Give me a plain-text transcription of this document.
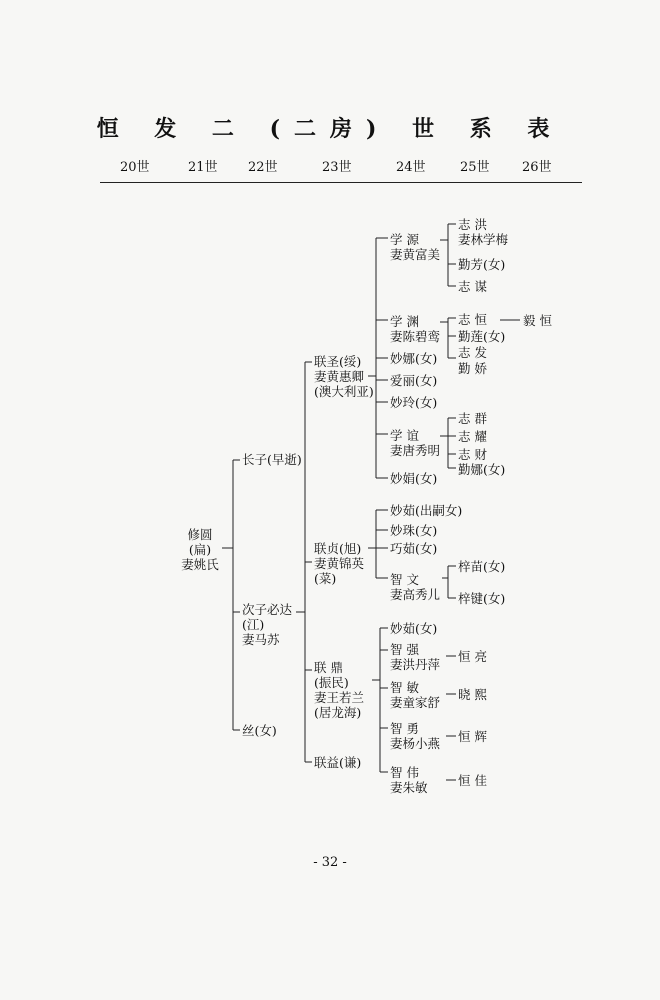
恒 发 二 (二房) 世 系 表
20世	21世 22世	23世	24世	25世 26世
修圆
(扁)
妻姚氏
长子(早逝)
次子必达
(江)
妻马苏
丝(女)
联圣(绥)
妻黄惠卿
(澳大利亚)
联贞(旭)
妻黄锦英
(菜)
联 鼎
(振民)
妻王若兰
(居龙海)
联益(谦)
学 源
妻黄富美
学 渊
妻陈碧鸾
妙娜(女)
爱丽(女)
妙玲(女)
学 谊
妻唐秀明
妙娟(女)
妙茹(出嗣女)
妙珠(女)
巧茹(女)
智 文
妻高秀儿
妙茹(女)
智 强
妻洪丹萍
智 敏
妻童家舒
智 勇
妻杨小燕
智 伟
妻朱敏
志 洪
妻林学梅
勤芳(女)
志 谋
志 恒
勤莲(女)
志 发
勤 娇
志 群
志 耀
志 财
勤娜(女)
梓苗(女)
梓键(女)
恒 亮
晓 熙
恒 辉
恒 佳
毅 恒
- 32 -
